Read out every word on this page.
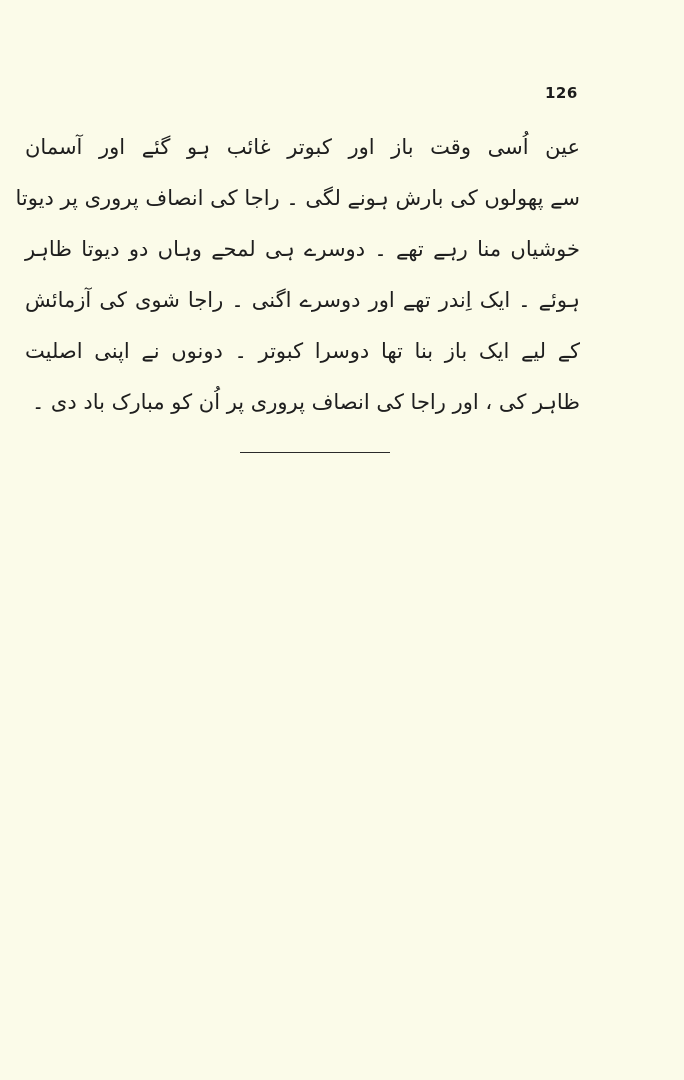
126
عین اُسی وقت باز اور کبوتر غائب ہو گئے اور آسمان
سے پھولوں کی بارش ہونے لگی ۔ راجا کی انصاف پروری پر دیوتا
خوشیاں منا رہے تھے ۔ دوسرے ہی لمحے وہاں دو دیوتا ظاہر
ہوئے ۔ ایک اِندر تھے اور دوسرے اگنی ۔ راجا شوی کی آزمائش
کے لیے ایک باز بنا تھا دوسرا کبوتر ۔ دونوں نے اپنی اصلیت
ظاہر کی ، اور راجا کی انصاف پروری پر اُن کو مبارک باد دی ۔
